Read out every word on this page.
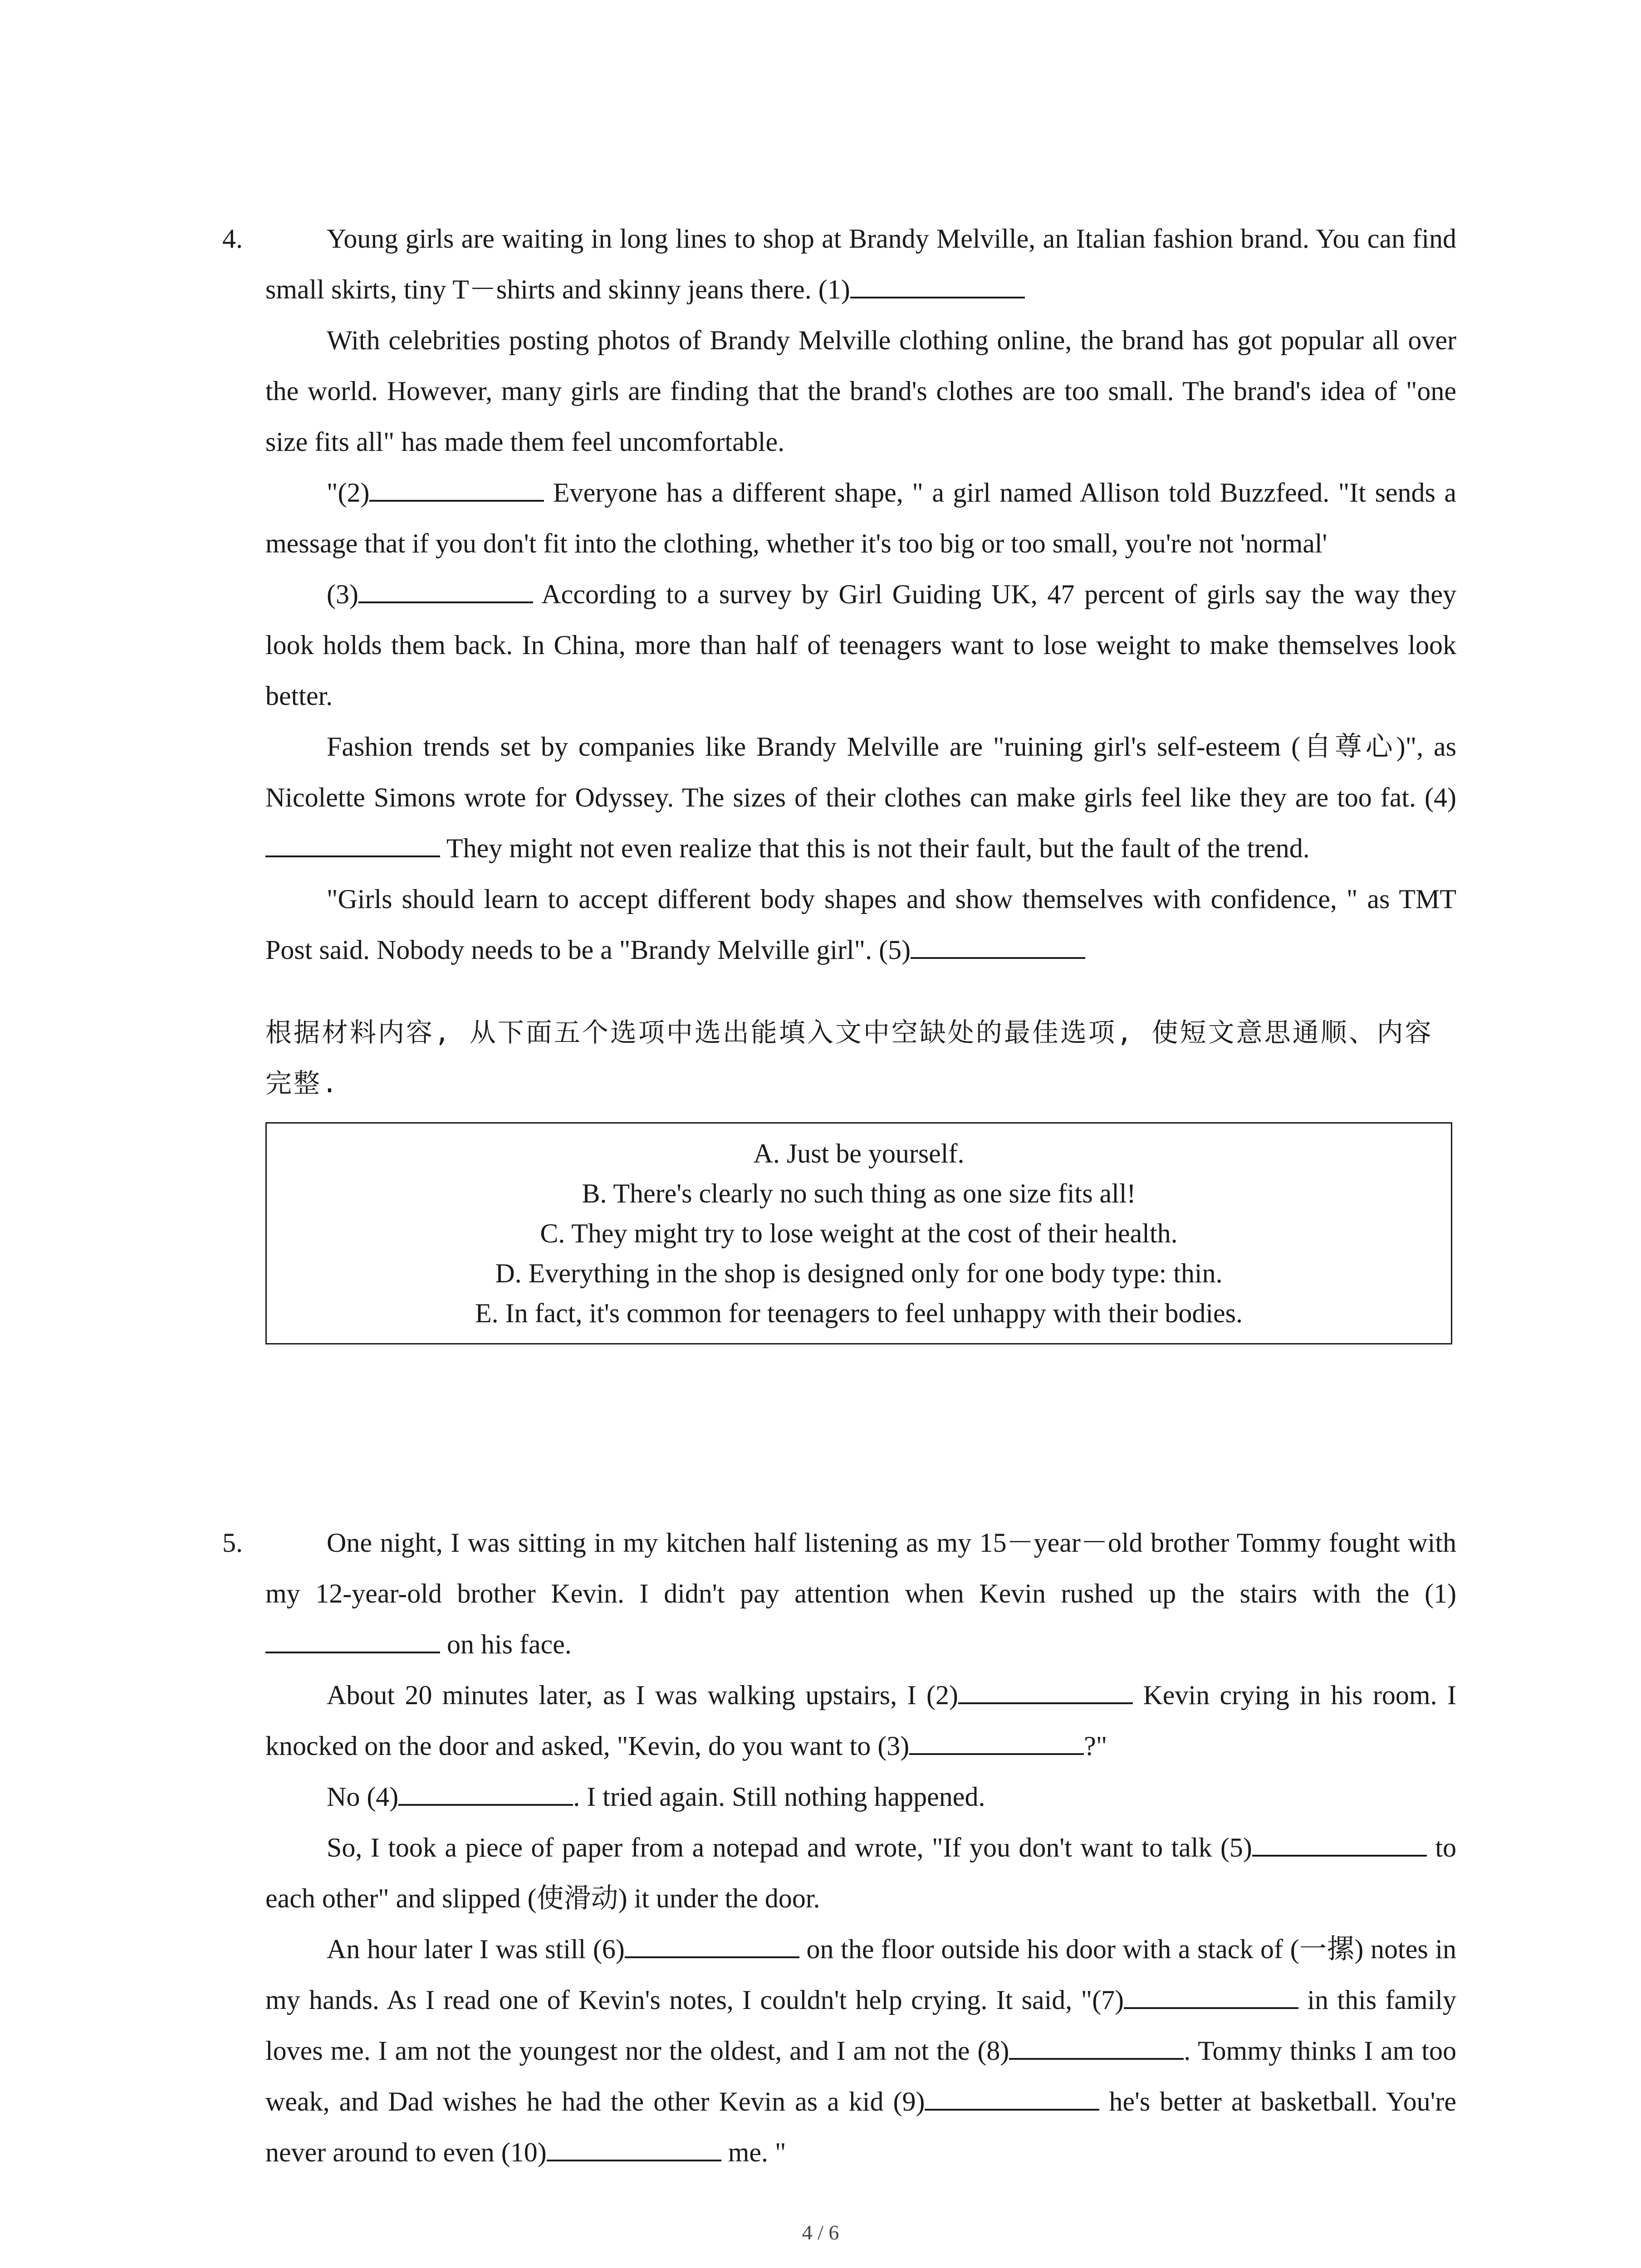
4.	Young girls are waiting in long lines to shop at Brandy Melville, an Italian fashion brand. You can find small skirts, tiny T－shirts and skinny jeans there. (1)

With celebrities posting photos of Brandy Melville clothing online, the brand has got popular all over the world. However, many girls are finding that the brand's clothes are too small. The brand's idea of "one size fits all" has made them feel uncomfortable.

"(2)	Everyone has a different shape, " a girl named Allison told Buzzfeed. "It sends a message that if you don't fit into the clothing, whether it's too big or too small, you're not 'normal'

(3)	According to a survey by Girl Guiding UK, 47 percent of girls say the way they look holds them back. In China, more than half of teenagers want to lose weight to make themselves look better.

Fashion trends set by companies like Brandy Melville are "ruining girl's self-esteem (自尊心)", as Nicolette Simons wrote for Odyssey. The sizes of their clothes can make girls feel like they are too fat. (4) They might not even realize that this is not their fault, but the fault of the trend.

"Girls should learn to accept different body shapes and show themselves with confidence, " as TMT Post said. Nobody needs to be a "Brandy Melville girl". (5)

根据材料内容, 从下面五个选项中选出能填入文中空缺处的最佳选项, 使短文意思通顺、内容完整.
A. Just be yourself.
B. There's clearly no such thing as one size fits all!
C. They might try to lose weight at the cost of their health.
D. Everything in the shop is designed only for one body type: thin.
E. In fact, it's common for teenagers to feel unhappy with their bodies.
5.	One night, I was sitting in my kitchen half listening as my 15－year－old brother Tommy fought with my 12-year-old brother Kevin. I didn't pay attention when Kevin rushed up the stairs with the (1) on his face.

About 20 minutes later, as I was walking upstairs, I (2)	Kevin crying in his room. I knocked on the door and asked, "Kevin, do you want to (3)	?"

No (4)	. I tried again. Still nothing happened.

So, I took a piece of paper from a notepad and wrote, "If you don't want to talk (5)	to each other" and slipped (使滑动) it under the door.

An hour later I was still (6)	on the floor outside his door with a stack of (一摞) notes in my hands. As I read one of Kevin's notes, I couldn't help crying. It said, "(7)	in this family loves me. I am not the youngest nor the oldest, and I am not the (8)	. Tommy thinks I am too weak, and Dad wishes he had the other Kevin as a kid (9)	he's better at basketball. You're never around to even (10)	me. "

4 / 6
